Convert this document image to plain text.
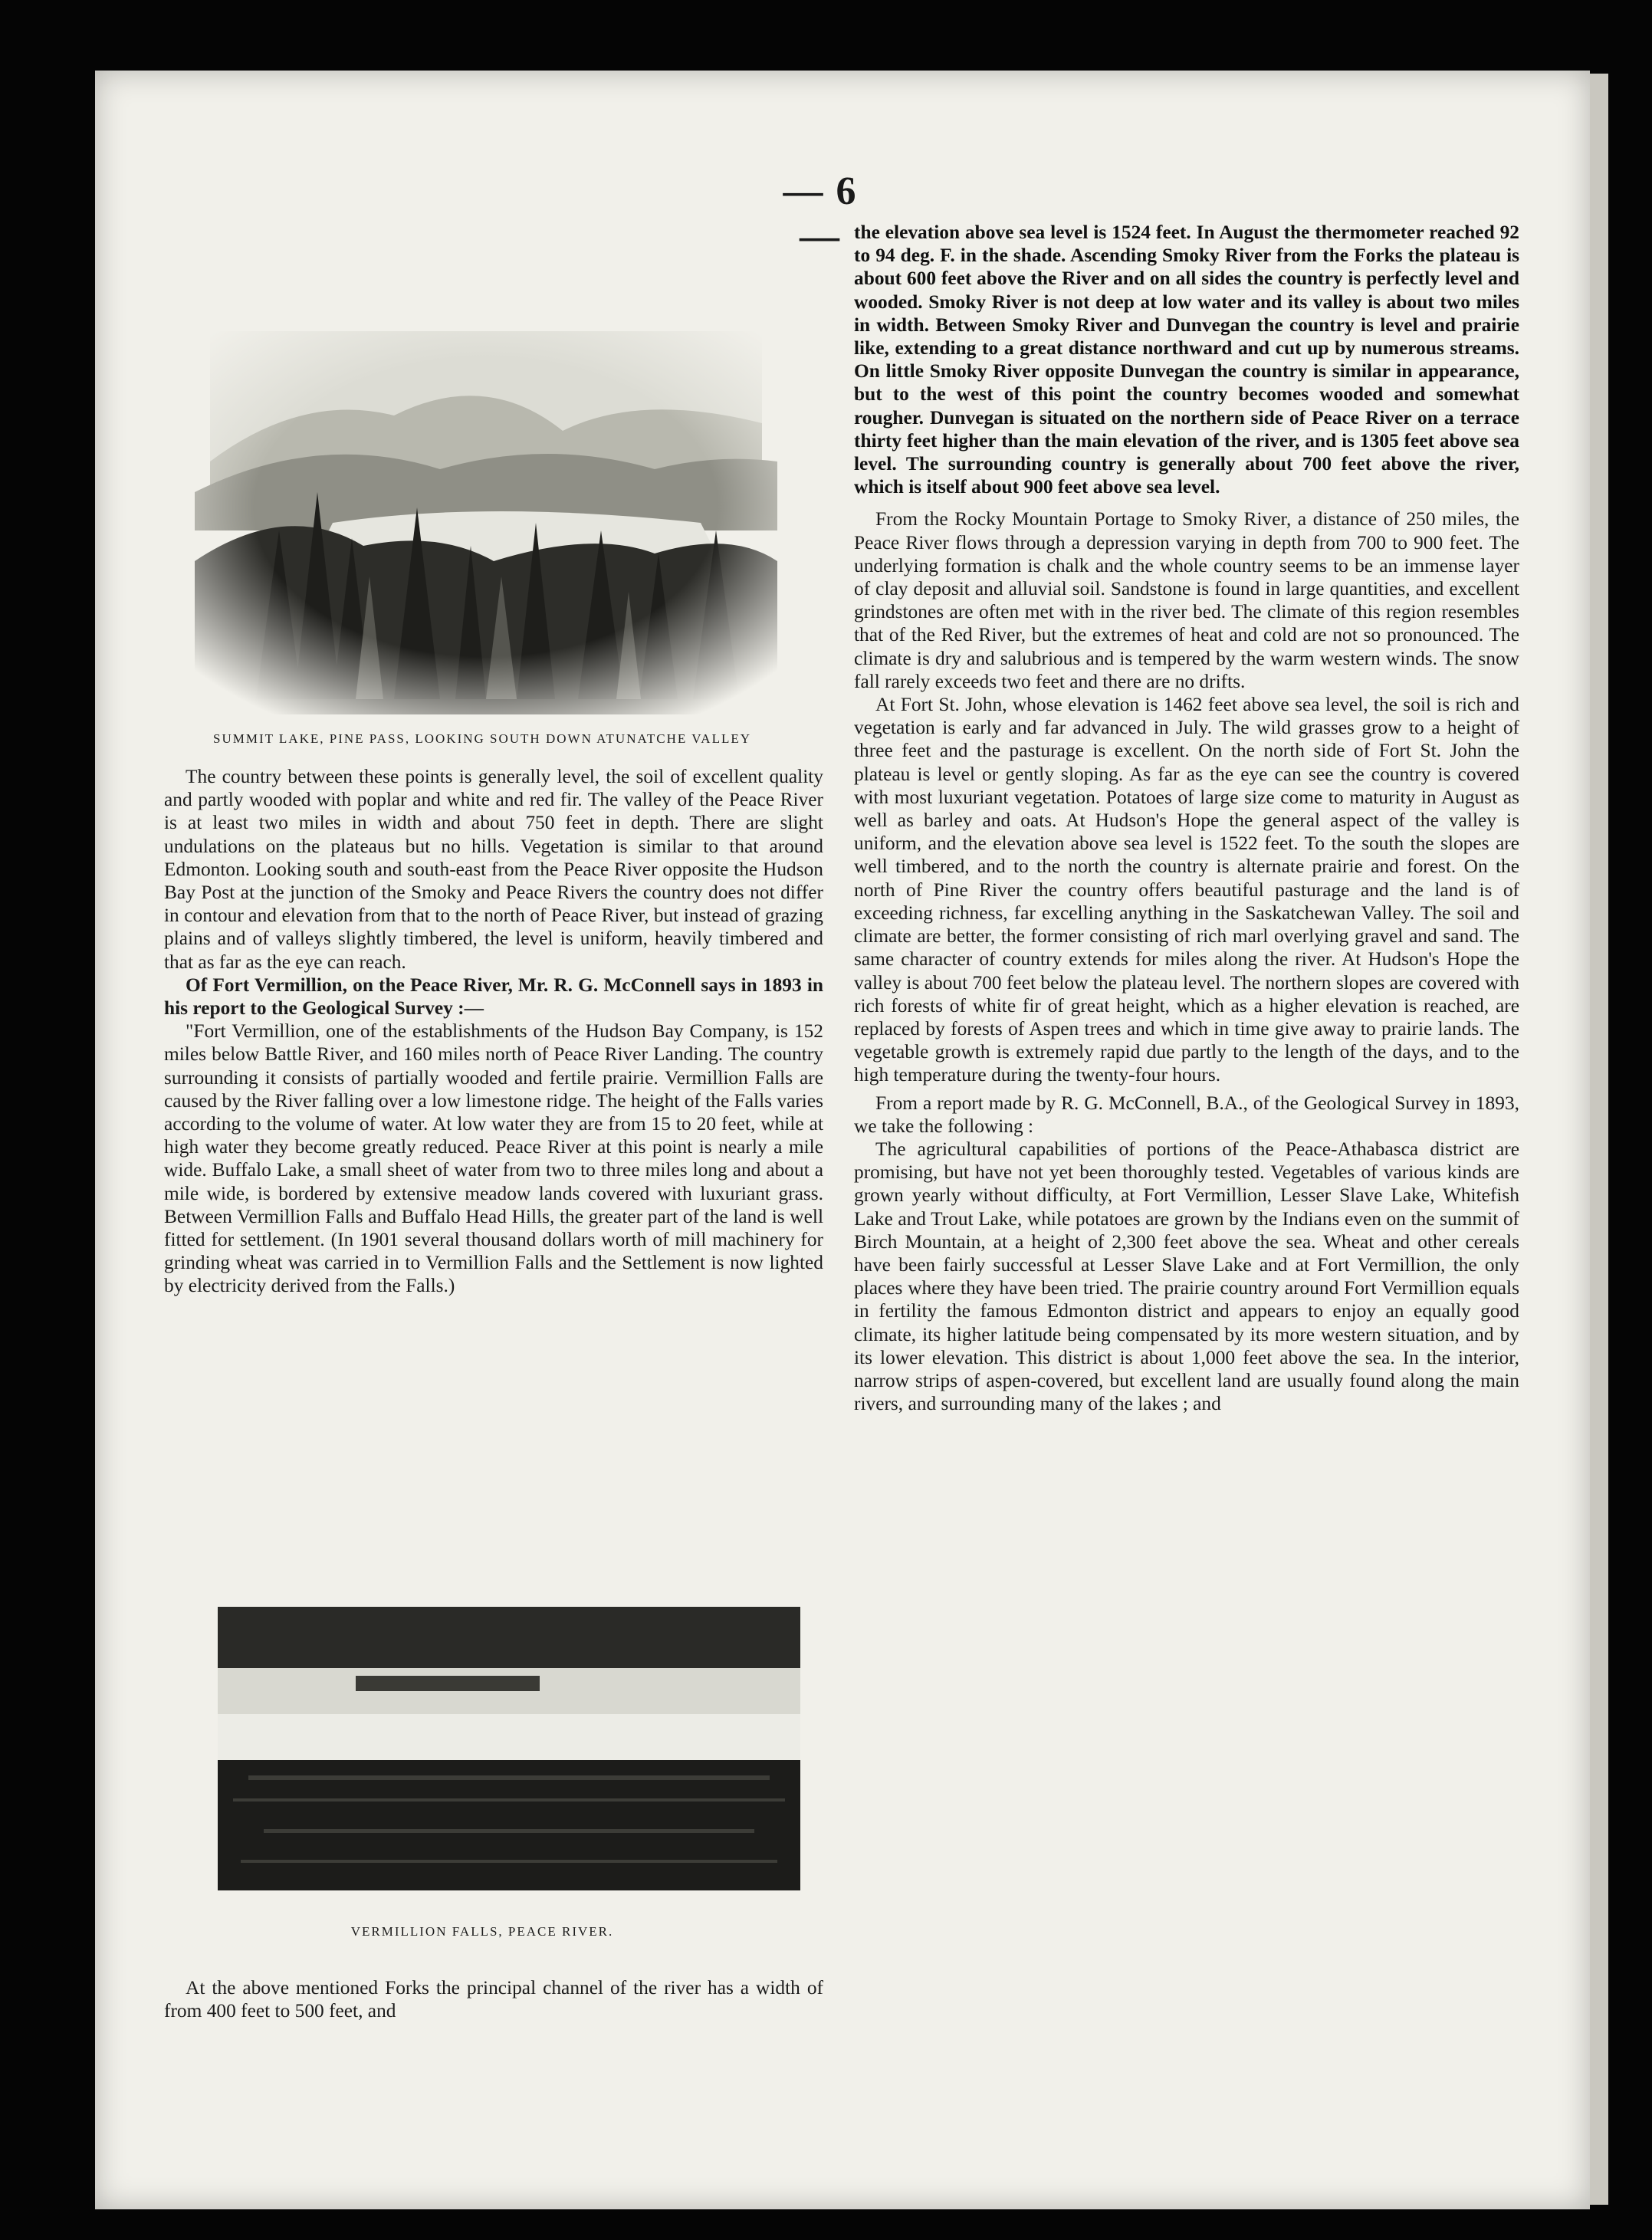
— 6 —
SUMMIT LAKE, PINE PASS, LOOKING SOUTH DOWN ATUNATCHE VALLEY

The country between these points is generally level, the soil of excellent quality and partly wooded with poplar and white and red fir. The valley of the Peace River is at least two miles in width and about 750 feet in depth. There are slight undulations on the plateaus but no hills. Vegetation is similar to that around Edmonton. Looking south and south-east from the Peace River opposite the Hudson Bay Post at the junction of the Smoky and Peace Rivers the country does not differ in contour and elevation from that to the north of Peace River, but instead of grazing plains and of valleys slightly timbered, the level is uniform, heavily timbered and that as far as the eye can reach.

Of Fort Vermillion, on the Peace River, Mr. R. G. McConnell says in 1893 in his report to the Geological Survey :—

"Fort Vermillion, one of the establishments of the Hudson Bay Company, is 152 miles below Battle River, and 160 miles north of Peace River Landing. The country surrounding it consists of partially wooded and fertile prairie. Vermillion Falls are caused by the River falling over a low limestone ridge. The height of the Falls varies according to the volume of water. At low water they are from 15 to 20 feet, while at high water they become greatly reduced. Peace River at this point is nearly a mile wide. Buffalo Lake, a small sheet of water from two to three miles long and about a mile wide, is bordered by extensive meadow lands covered with luxuriant grass. Between Vermillion Falls and Buffalo Head Hills, the greater part of the land is well fitted for settlement. (In 1901 several thousand dollars worth of mill machinery for grinding wheat was carried in to Vermillion Falls and the Settlement is now lighted by electricity derived from the Falls.)

VERMILLION FALLS, PEACE RIVER.

At the above mentioned Forks the principal channel of the river has a width of from 400 feet to 500 feet, and

the elevation above sea level is 1524 feet. In August the thermometer reached 92 to 94 deg. F. in the shade. Ascending Smoky River from the Forks the plateau is about 600 feet above the River and on all sides the country is perfectly level and wooded. Smoky River is not deep at low water and its valley is about two miles in width. Between Smoky River and Dunvegan the country is level and prairie like, extending to a great distance northward and cut up by numerous streams. On little Smoky River opposite Dunvegan the country is similar in appearance, but to the west of this point the country becomes wooded and somewhat rougher. Dunvegan is situated on the northern side of Peace River on a terrace thirty feet higher than the main elevation of the river, and is 1305 feet above sea level. The surrounding country is generally about 700 feet above the river, which is itself about 900 feet above sea level.

From the Rocky Mountain Portage to Smoky River, a distance of 250 miles, the Peace River flows through a depression varying in depth from 700 to 900 feet. The underlying formation is chalk and the whole country seems to be an immense layer of clay deposit and alluvial soil. Sandstone is found in large quantities, and excellent grindstones are often met with in the river bed. The climate of this region resembles that of the Red River, but the extremes of heat and cold are not so pronounced. The climate is dry and salubrious and is tempered by the warm western winds. The snow fall rarely exceeds two feet and there are no drifts.

At Fort St. John, whose elevation is 1462 feet above sea level, the soil is rich and vegetation is early and far advanced in July. The wild grasses grow to a height of three feet and the pasturage is excellent. On the north side of Fort St. John the plateau is level or gently sloping. As far as the eye can see the country is covered with most luxuriant vegetation. Potatoes of large size come to maturity in August as well as barley and oats. At Hudson's Hope the general aspect of the valley is uniform, and the elevation above sea level is 1522 feet. To the south the slopes are well timbered, and to the north the country is alternate prairie and forest. On the north of Pine River the country offers beautiful pasturage and the land is of exceeding richness, far excelling anything in the Saskatchewan Valley. The soil and climate are better, the former consisting of rich marl overlying gravel and sand. The same character of country extends for miles along the river. At Hudson's Hope the valley is about 700 feet below the plateau level. The northern slopes are covered with rich forests of white fir of great height, which as a higher elevation is reached, are replaced by forests of Aspen trees and which in time give away to prairie lands. The vegetable growth is extremely rapid due partly to the length of the days, and to the high temperature during the twenty-four hours.

From a report made by R. G. McConnell, B.A., of the Geological Survey in 1893, we take the following :

The agricultural capabilities of portions of the Peace-Athabasca district are promising, but have not yet been thoroughly tested. Vegetables of various kinds are grown yearly without difficulty, at Fort Vermillion, Lesser Slave Lake, Whitefish Lake and Trout Lake, while potatoes are grown by the Indians even on the summit of Birch Mountain, at a height of 2,300 feet above the sea. Wheat and other cereals have been fairly successful at Lesser Slave Lake and at Fort Vermillion, the only places where they have been tried. The prairie country around Fort Vermillion equals in fertility the famous Edmonton district and appears to enjoy an equally good climate, its higher latitude being compensated by its more western situation, and by its lower elevation. This district is about 1,000 feet above the sea. In the interior, narrow strips of aspen-covered, but excellent land are usually found along the main rivers, and surrounding many of the lakes ; and
